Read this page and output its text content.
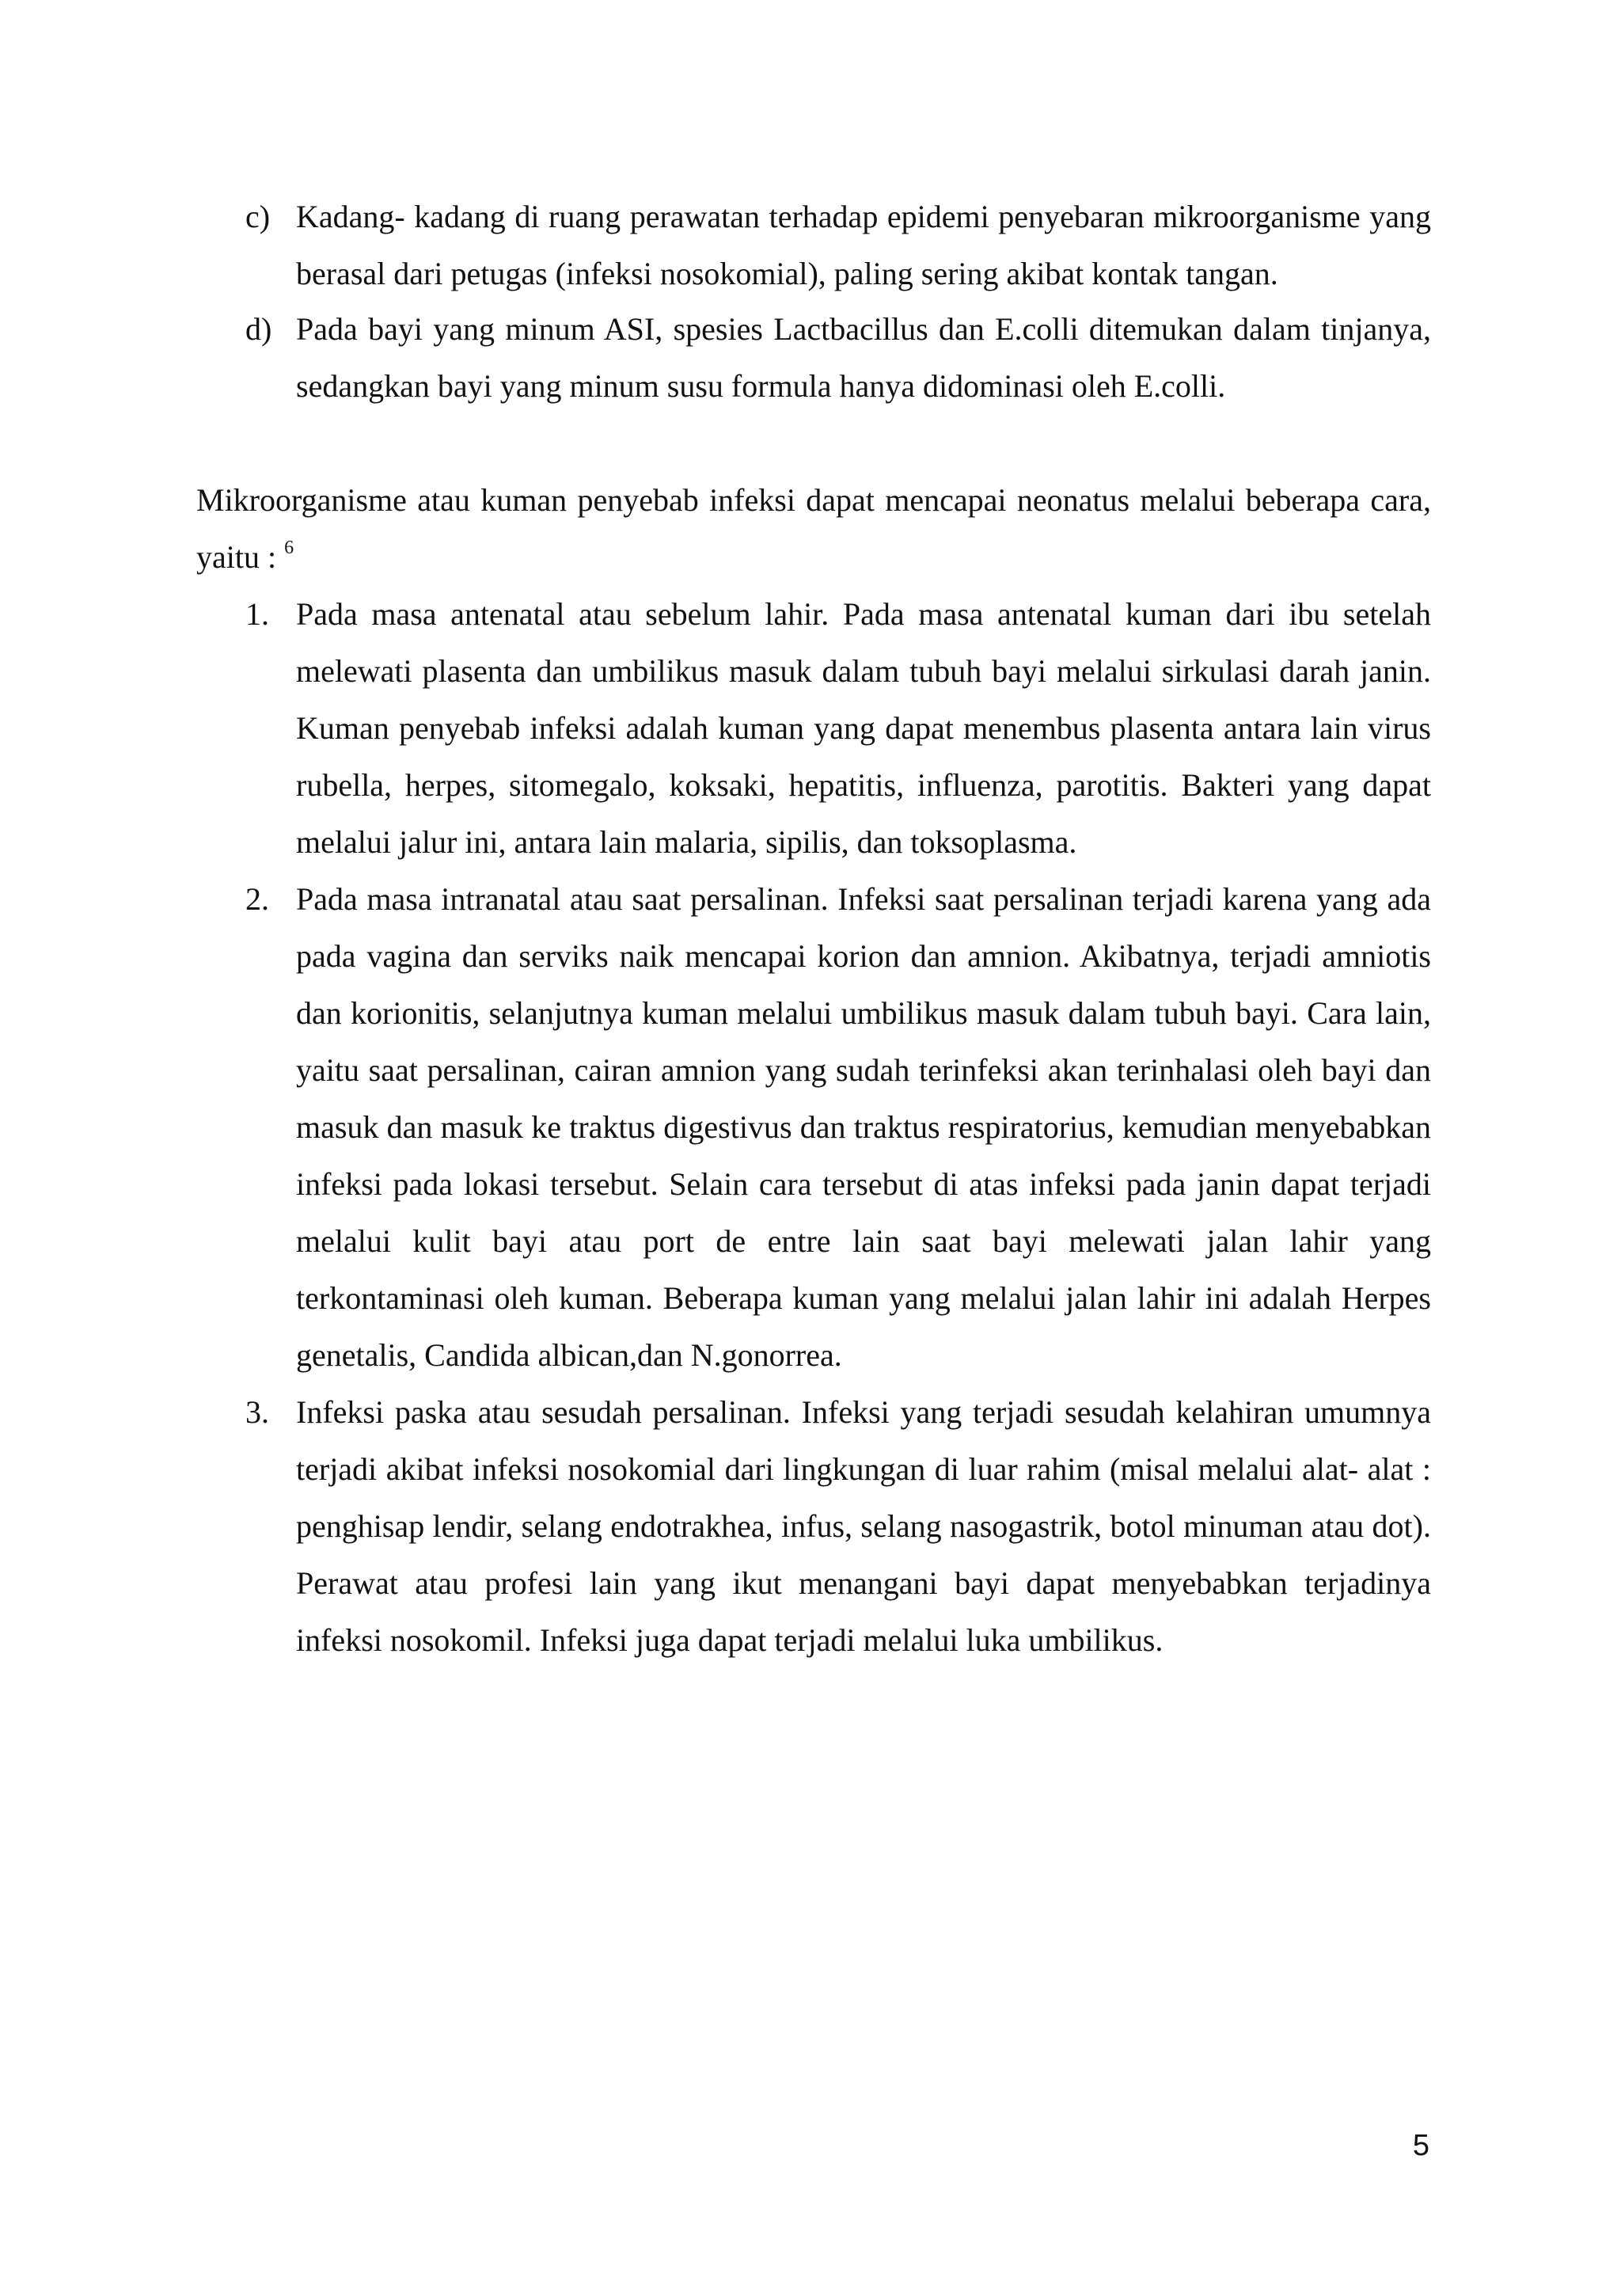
c) Kadang- kadang di ruang perawatan terhadap epidemi penyebaran mikroorganisme yang berasal dari petugas (infeksi nosokomial), paling sering akibat kontak tangan.
d) Pada bayi yang minum ASI, spesies Lactbacillus dan E.colli ditemukan dalam tinjanya, sedangkan bayi yang minum susu formula hanya didominasi oleh E.colli.
Mikroorganisme atau kuman penyebab infeksi dapat mencapai neonatus melalui beberapa cara, yaitu : $^6$
1. Pada masa antenatal atau sebelum lahir. Pada masa antenatal kuman dari ibu setelah melewati plasenta dan umbilikus masuk dalam tubuh bayi melalui sirkulasi darah janin. Kuman penyebab infeksi adalah kuman yang dapat menembus plasenta antara lain virus rubella, herpes, sitomegalo, koksaki, hepatitis, influenza, parotitis. Bakteri yang dapat melalui jalur ini, antara lain malaria, sipilis, dan toksoplasma.
2. Pada masa intranatal atau saat persalinan. Infeksi saat persalinan terjadi karena yang ada pada vagina dan serviks naik mencapai korion dan amnion. Akibatnya, terjadi amniotis dan korionitis, selanjutnya kuman melalui umbilikus masuk dalam tubuh bayi. Cara lain, yaitu saat persalinan, cairan amnion yang sudah terinfeksi akan terinhalasi oleh bayi dan masuk dan masuk ke traktus digestivus dan traktus respiratorius, kemudian menyebabkan infeksi pada lokasi tersebut. Selain cara tersebut di atas infeksi pada janin dapat terjadi melalui kulit bayi atau port de entre lain saat bayi melewati jalan lahir yang terkontaminasi oleh kuman. Beberapa kuman yang melalui jalan lahir ini adalah Herpes genetalis, Candida albican,dan N.gonorrea.
3. Infeksi paska atau sesudah persalinan. Infeksi yang terjadi sesudah kelahiran umumnya terjadi akibat infeksi nosokomial dari lingkungan di luar rahim (misal melalui alat- alat : penghisap lendir, selang endotrakhea, infus, selang nasogastrik, botol minuman atau dot). Perawat atau profesi lain yang ikut menangani bayi dapat menyebabkan terjadinya infeksi nosokomil. Infeksi juga dapat terjadi melalui luka umbilikus.
5
